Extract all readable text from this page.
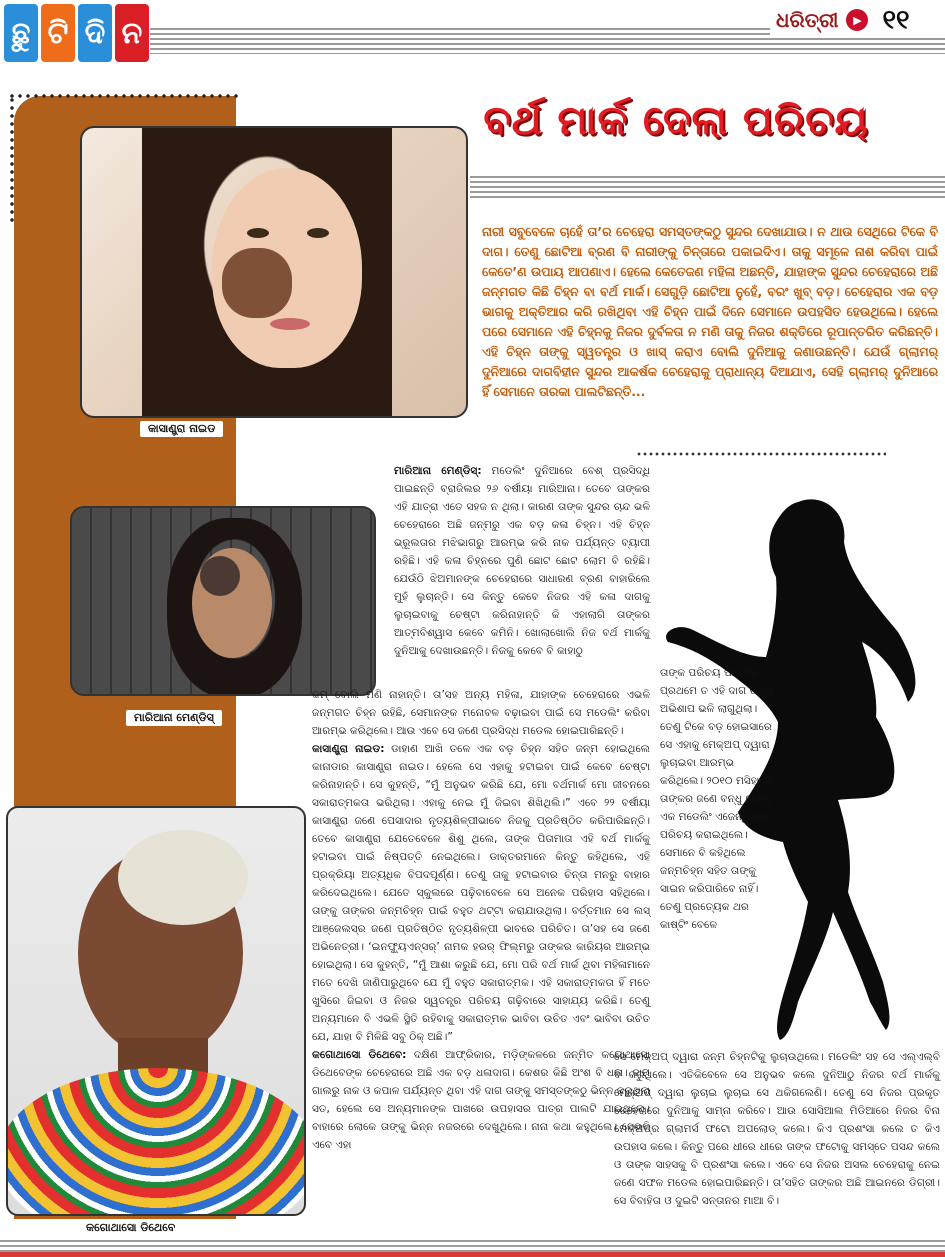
ଛୁ ଟି ଦି ନ	ଧରିତ୍ରୀ	▶ ୧୧
ବର୍ଥ ମାର୍କ ଦେଲା ପରିଚୟ
କାସାଣ୍ଡ୍ରା ନାଇଡ
ମାରିଆନା ମେଣ୍ଡିସ୍
କଗୋଥାସୋ ଡିଥେବେ
ନାରୀ ସବୁବେଳେ ଚାହେଁ ତା’ର ଚେହେରା ସମସ୍ତଙ୍କଠୁ ସୁନ୍ଦର ଦେଖାଯାଉ। ନ ଥାଉ ସେଥିରେ ଟିକେ ବି ଦାଗ। ତେଣୁ ଛୋଟିଆ ବ୍ରଣ ବି ନାରୀଙ୍କୁ ଚିନ୍ତାରେ ପକାଇଦିଏ। ତାକୁ ସମୂଳେ ନାଶ କରିବା ପାଇଁ କେତେ’ଣ ଉପାୟ ଆପଣାଏ। ହେଲେ କେତେଜଣ ମହିଳା ଅଛନ୍ତି, ଯାହାଙ୍କ ସୁନ୍ଦର ଚେହେରାରେ ଅଛି ଜନ୍ମଗତ କିଛି ଚିହ୍ନ ବା ବର୍ଥ ମାର୍କ। ସେଗୁଡ଼ି ଛୋଟିଆ ନୁହେଁ, ବରଂ ଖୁବ୍ ବଡ଼। ଚେହେରାର ଏକ ବଡ଼ ଭାଗକୁ ଅକ୍ତିଆର କରି ରଖିଥିବା ଏହି ଚିହ୍ନ ପାଇଁ ଦିନେ ସେମାନେ ଉପହସିତ ହେଉଥିଲେ। ହେଲେ ପରେ ସେମାନେ ଏହି ଚିହ୍ନକୁ ନିଜର ଦୁର୍ବଳତା ନ ମଣି ତାକୁ ନିଜର ଶକ୍ତିରେ ରୂପାନ୍ତରିତ କରିଛନ୍ତି। ଏହି ଚିହ୍ନ ତାଙ୍କୁ ସ୍ୱତନ୍ତ୍ର ଓ ଖାସ୍ କରାଏ ବୋଲି ଦୁନିଆକୁ ଜଣାଉଛନ୍ତି। ଯେଉଁ ଗ୍ଲାମର୍ ଦୁନିଆରେ ଦାଗବିହୀନ ସୁନ୍ଦର ଆକର୍ଷକ ଚେହେରାକୁ ପ୍ରାଧାନ୍ୟ ଦିଆଯାଏ, ସେହି ଗ୍ଲାମର୍ ଦୁନିଆରେ ହିଁ ସେମାନେ ତାରକା ପାଲଟିଛନ୍ତି...
ମାରିଆନା ମେଣ୍ଡିସ୍: ମଡେଲିଂ ଦୁନିଆରେ ବେଶ୍ ପ୍ରସିଦ୍ଧି ପାଇଛନ୍ତି ବ୍ରାଜିଲର ୨୬ ବର୍ଷୀୟା ମାରିଆନା। ତେବେ ତାଙ୍କର ଏହି ଯାତ୍ରା ଏତେ ସହଜ ନ ଥିଲା। କାରଣ ତାଙ୍କ ସୁନ୍ଦର ଚାନ୍ଦ ଭଳି ଚେହେରାରେ ଅଛି ଜନ୍ମରୁ ଏକ ବଡ଼ କଳା ଚିହ୍ନ। ଏହି ଚିହ୍ନ ଭ୍ରୂଲତାର ମଝିଭାଗରୁ ଆରମ୍ଭ କରି ନାକ ପର୍ଯ୍ୟନ୍ତ ବ୍ୟାପୀ ରହିଛି। ଏହି କଳା ଚିହ୍ନରେ ପୁଣି ଛୋଟ ଛୋଟ ଲୋମ ବି ରହିଛି। ଯେଉଁଠି ଝିଅମାନଙ୍କ ଚେହେରାରେ ସାଧାରଣ ବ୍ରଣ ବାହାରିଲେ ମୁହଁ ଲୁଚାନ୍ତି। ସେ କିନ୍ତୁ କେବେ ନିଜର ଏହି କଳା ଦାଗକୁ ଲୁଚାଇବାକୁ ଚେଷ୍ଟା କରିନାହାନ୍ତି କି ଏହାଲାଗି ତାଙ୍କର ଆତ୍ମବିଶ୍ୱାସ କେବେ କମିନି। ଖୋଲାଖୋଲି ନିଜ ବର୍ଥ ମାର୍କକୁ ଦୁନିଆକୁ ଦେଖାଉଛନ୍ତି। ନିଜକୁ କେବେ ବି କାହାଠୁ
କମ୍ ବୋଲି ମଣି ନାହାନ୍ତି। ତା’ସହ ଅନ୍ୟ ମହିଳା, ଯାହାଙ୍କ ଚେହେରାରେ ଏଭଳି ଜନ୍ମଗତ ଚିହ୍ନ ରହିଛି, ସେମାନଙ୍କ ମନୋବଳ ବଢ଼ାଇବା ପାଇଁ ସେ ମଡେଲିଂ କରିବା ଆରମ୍ଭ କରିଥିଲେ। ଆଉ ଏବେ ସେ ଜଣେ ପ୍ରସିଦ୍ଧ ମଡେଲ ହୋଇପାରିଛନ୍ତି।
କାସାଣ୍ଡ୍ରା ନାଇଡ: ଡାହାଣ ଆଖି ତଳେ ଏକ ବଡ଼ ଚିହ୍ନ ସହିତ ଜନ୍ମ ହୋଇଥିଲେ କାନାଡାର କାସାଣ୍ଡ୍ରା ନାଇଡ। ହେଲେ ସେ ଏହାକୁ ହଟାଇବା ପାଇଁ କେବେ ଚେଷ୍ଟା କରିନାହାନ୍ତି। ସେ କୁହନ୍ତି, “ମୁଁ ଅନୁଭବ କରିଛି ଯେ, ମୋ ବର୍ଥମାର୍କ ମୋ ଜୀବନରେ ସକାରାତ୍ମକତା ଭରିଥିଲା। ଏହାକୁ ନେଇ ମୁଁ ଜିଇବା ଶିଖିଥିଲି।” ଏବେ ୨୨ ବର୍ଷୀୟା କାସାଣ୍ଡ୍ରା ଜଣେ ପେସାଦାର ନୃତ୍ୟଶିଳ୍ପୀଭାବେ ନିଜକୁ ପ୍ରତିଷ୍ଠିତ କରିପାରିଛନ୍ତି। ତେବେ କାସାଣ୍ଡ୍ରା ଯେତେବେଳେ ଶିଶୁ ଥିଲେ, ତାଙ୍କ ପିତାମାତା ଏହି ବର୍ଥ ମାର୍କକୁ ହଟାଇବା ପାଇଁ ନିଷ୍ପତ୍ତି ନେଇଥିଲେ। ଡାକ୍ତରମାନେ କିନ୍ତୁ କହିଥିଲେ, ଏହି ପ୍ରକ୍ରିୟା ଅତ୍ୟଧିକ ବିପଦପୂର୍ଣ୍ଣ। ତେଣୁ ତାକୁ ହଟାଇବାର ଚିନ୍ତା ମନରୁ ବାହାର କରିଦେଇଥିଲେ। ଯେତେ ସ୍କୁଲରେ ପଢ଼ିବାବେଳେ ସେ ଅନେକ ପରିହାସ ସହିଥିଲେ। ତାଙ୍କୁ ତାଙ୍କର ଜନ୍ମଚିହ୍ନ ପାଇଁ ବହୁତ ଥଟ୍ଟା କରାଯାଉଥିଲା। ବର୍ତ୍ତମାନ ସେ ଲସ୍ ଆଞ୍ଜେଲସ୍‌ର ଜଣେ ପ୍ରତିଷ୍ଠିତ ନୃତ୍ୟଶିଳ୍ପୀ ଭାବରେ ପରିଚିତ। ତା’ସହ ସେ ଜଣେ ଅଭିନେତ୍ରୀ। ‘ଇନଫ୍ୟୁଏନ୍ସର୍’ ନାମକ ହରର୍ ଫିଲ୍ମରୁ ତାଙ୍କର କାରିୟର ଆରମ୍ଭ ହୋଇଥିଲା। ସେ କୁହନ୍ତି, “ମୁଁ ଆଶା କରୁଛି ଯେ, ମୋ ପରି ବର୍ଥ ମାର୍କ ଥିବା ମହିଳାମାନେ ମତେ ଦେଖି ଜାଣିପାରୁଥିବେ ଯେ ମୁଁ ବହୁତ ସକାରାତ୍ମକ। ଏହି ସକାରାତ୍ମକତା ହିଁ ମତେ ଖୁସିରେ ଜିଇବା ଓ ନିଜର ସ୍ୱତନ୍ତ୍ର ପରିଚୟ ଗଢ଼ିବାରେ ସାହାଯ୍ୟ କରିଛି। ତେଣୁ ଅନ୍ୟମାନେ ବି ଏଭଳି ସ୍ଥିତି ରହିବାକୁ ସକାରାତ୍ମକ ଭାବିବା ଉଚିତ ଏବଂ ଭାବିବା ଉଚିତ ଯେ, ଯାହା ବି ମିଳିଛି ସବୁ ଠିକ୍ ଅଛି।”
କଗୋଥାସୋ ଡିଥେବେ: ଦକ୍ଷିଣ ଆଫ୍ରିକାର, ମଡ଼ିଙ୍କଳରେ ଜନ୍ମିତ କଗୋଥାସୋ ଡିଥେବେଙ୍କ ଚେହେରାରେ ଅଛି ଏକ ବଡ଼ ଧଳାଦାଗ। କେଶର କିଛି ଅଂଶ ବି ଧଳା। ବାମ ଗାଲରୁ ନାକ ଓ କପାଳ ପର୍ଯ୍ୟନ୍ତ ଥିବା ଏହି ଦାଗ ତାଙ୍କୁ ସମସ୍ତଙ୍କଠୁ ଭିନ୍ନ କରୁଥିଲା ସତ, ହେଲେ ସେ ଅନ୍ୟମାନଙ୍କ ପାଖରେ ଉପହାସର ପାତ୍ର ପାଲଟି ଯାଇଥିଲେ। ବାହାରେ ଲୋକେ ତାଙ୍କୁ ଭିନ୍ନ ନଜରରେ ଦେଖୁଥିଲେ। ନାନା କଥା କହୁଥିଲେ। ସେଭଳି ଏବେ ଏହା
ତାଙ୍କ ପରିଚୟ ପାଲଟିଛି। ପ୍ରଥମେ ତ ଏହି ଦାଗ ତାଙ୍କୁ ଅଭିଶାପ ଭଳି ଲାଗୁଥିଲା। ତେଣୁ ଟିକେ ବଡ଼ ହୋଇସାରେ ସେ ଏହାକୁ ମେକ୍‌ଅପ୍ ଦ୍ୱାରା ଲୁଚାଇବା ଆରମ୍ଭ କରିଥିଲେ। ୨୦୧୦ ମସିହାରେ ତାଙ୍କର ଜଣେ ବନ୍ଧୁ ତାଙ୍କୁ ଏକ ମଡେଲିଂ ଏଜେନ୍ସି ସହିତ ପରିଚୟ କରାଇଥିଲେ। ସେମାନେ ବି କହିଥିଲେ ଜନ୍ମଚିହ୍ନ ସହିତ ତାଙ୍କୁ ସାଇନ କରିପାରିବେ ନାହିଁ। ତେଣୁ ପ୍ରତ୍ୟେକ ଥର କାଷ୍ଟିଂ ବେଳେ
ସେ ମେକ୍‌ଅପ୍ ଦ୍ୱାରା ଜନ୍ମ ଚିହ୍ନଟିକୁ ଲୁଚାଉଥିଲେ। ମଡେଲିଂ ସହ ସେ ଏଲ୍‌ଏଲ୍‌ବି ବି କରୁଥିଲେ। ଏତିକିବେଳେ ସେ ଅନୁଭବ କଲେ ଦୁନିଆଠୁ ନିଜର ବର୍ଥ ମାର୍କକୁ ମେକ୍‌ଅପ୍ ଦ୍ୱାରା ଲୁଚାଇ ଲୁଚାଇ ସେ ଥକିଗଲେଣି। ତେଣୁ ସେ ନିଜର ପ୍ରକୃତ ଚେହେରାରେ ଦୁନିଆକୁ ସାମ୍ନା କରିବେ। ଆଉ ସୋସିଆଲ ମିଡିଆରେ ନିଜର ବିନା ମେକ୍‌ଅପ୍‌ର ଗ୍ଲାମର୍ସ ଫଟୋ ଅପଲୋଡ୍ କଲେ। କିଏ ପ୍ରଶଂସା କଲେ ତ କିଏ ଉପହାସ କଲେ। କିନ୍ତୁ ପରେ ଧୀରେ ଧୀରେ ତାଙ୍କ ଫଟୋକୁ ସମସ୍ତେ ପସନ୍ଦ କଲେ ଓ ତାଙ୍କ ସାହସକୁ ବି ପ୍ରଶଂସା କଲେ। ଏବେ ସେ ନିଜର ଅସଲ ଚେହେରାକୁ ନେଇ ଜଣେ ସଫଳ ମଡେଲ ହୋଇପାରିଛନ୍ତି। ତା’ସହିତ ତାଙ୍କର ଅଛି ଆଇନରେ ଡିଗ୍ରୀ। ସେ ବିବାହିତା ଓ ଦୁଇଟି ସନ୍ତାନର ମାଆ ବି।
